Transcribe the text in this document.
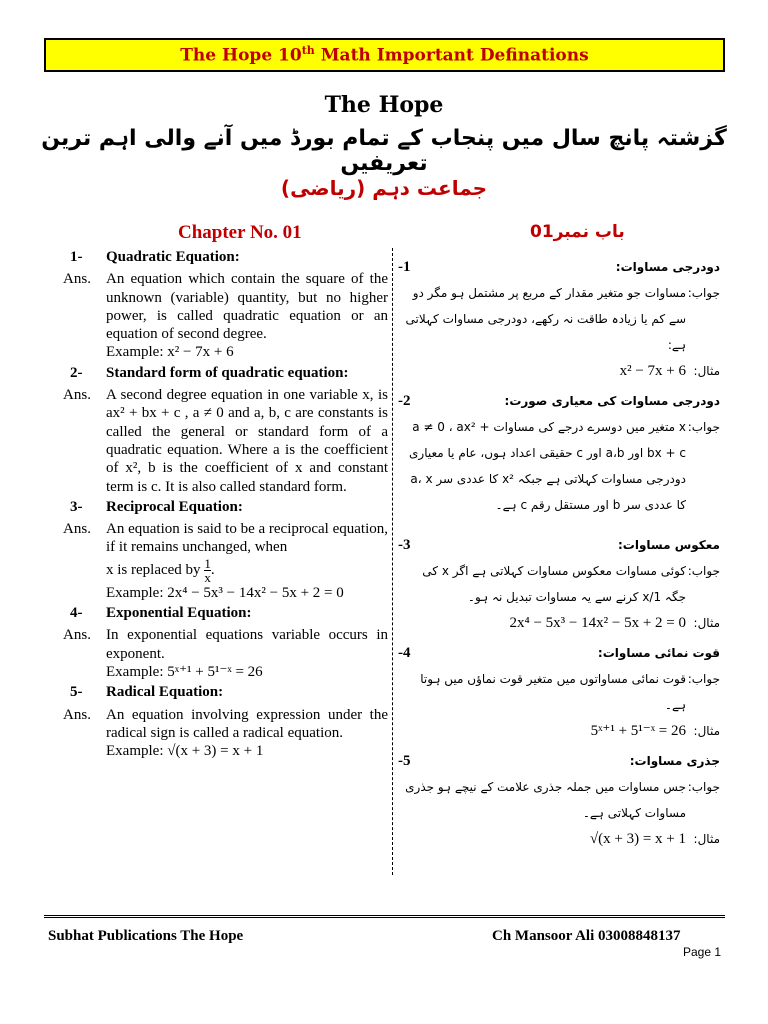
The Hope 10th Math Important Definations
The Hope
گزشتہ پانچ سال میں پنجاب کے تمام بورڈ میں آنے والی اہم ترین تعریفیں
جماعت دہم (ریاضی)
Chapter No. 01	باب نمبر01
1-	Quadratic Equation:
Ans.	An equation which contain the square of the unknown (variable) quantity, but no higher power, is called quadratic equation or an equation of second degree.
Example: x² − 7x + 6
2-	Standard form of quadratic equation:
Ans.	A second degree equation in one variable x, is ax² + bx + c , a ≠ 0 and a, b, c are constants is called the general or standard form of a quadratic equation. Where a is the coefficient of x², b is the coefficient of x and constant term is c. It is also called standard form.
3-	Reciprocal Equation:
Ans.	An equation is said to be a reciprocal equation, if it remains unchanged, when
x is replaced by $\frac{1}{x}$ .
Example: 2x⁴ − 5x³ − 14x² − 5x + 2 = 0
4-	Exponential Equation:
Ans.	In exponential equations variable occurs in exponent.
Example: 5ˣ⁺¹ + 5¹⁻ˣ = 26
5-	Radical Equation:
Ans.	An equation involving expression under the radical sign is called a radical equation.
Example: √(x + 3) = x + 1
دودرجی مساوات:
-1
جواب:
مساوات جو متغیر مقدار کے مربع پر مشتمل ہو مگر دو سے کم یا زیادہ طاقت نہ رکھے، دودرجی مساوات کہلاتی ہے:
مثال:
x² − 7x + 6
دودرجی مساوات کی معیاری صورت:
-2
جواب:
x متغیر میں دوسرے درجے کی مساوات a ≠ 0 ، ax² + bx + c اور a،b اور c حقیقی اعداد ہوں، عام یا معیاری دودرجی مساوات کہلاتی ہے جبکہ x² کا عددی سر a، x کا عددی سر b اور مستقل رقم c ہے۔
معکوس مساوات:
-3
جواب:
کوئی مساوات معکوس مساوات کہلاتی ہے اگر x کی جگہ 1/x کرنے سے یہ مساوات تبدیل نہ ہو۔
مثال:
2x⁴ − 5x³ − 14x² − 5x + 2 = 0
قوت نمائی مساوات:
-4
جواب:
قوت نمائی مساواتوں میں متغیر قوت نماؤں میں ہوتا ہے۔
مثال:
5ˣ⁺¹ + 5¹⁻ˣ = 26
جذری مساوات:
-5
جواب:
جس مساوات میں جملہ جذری علامت کے نیچے ہو جذری مساوات کہلاتی ہے۔
مثال:
√(x + 3) = x + 1
Subhat Publications The Hope	Ch Mansoor Ali 03008848137
Page 1
